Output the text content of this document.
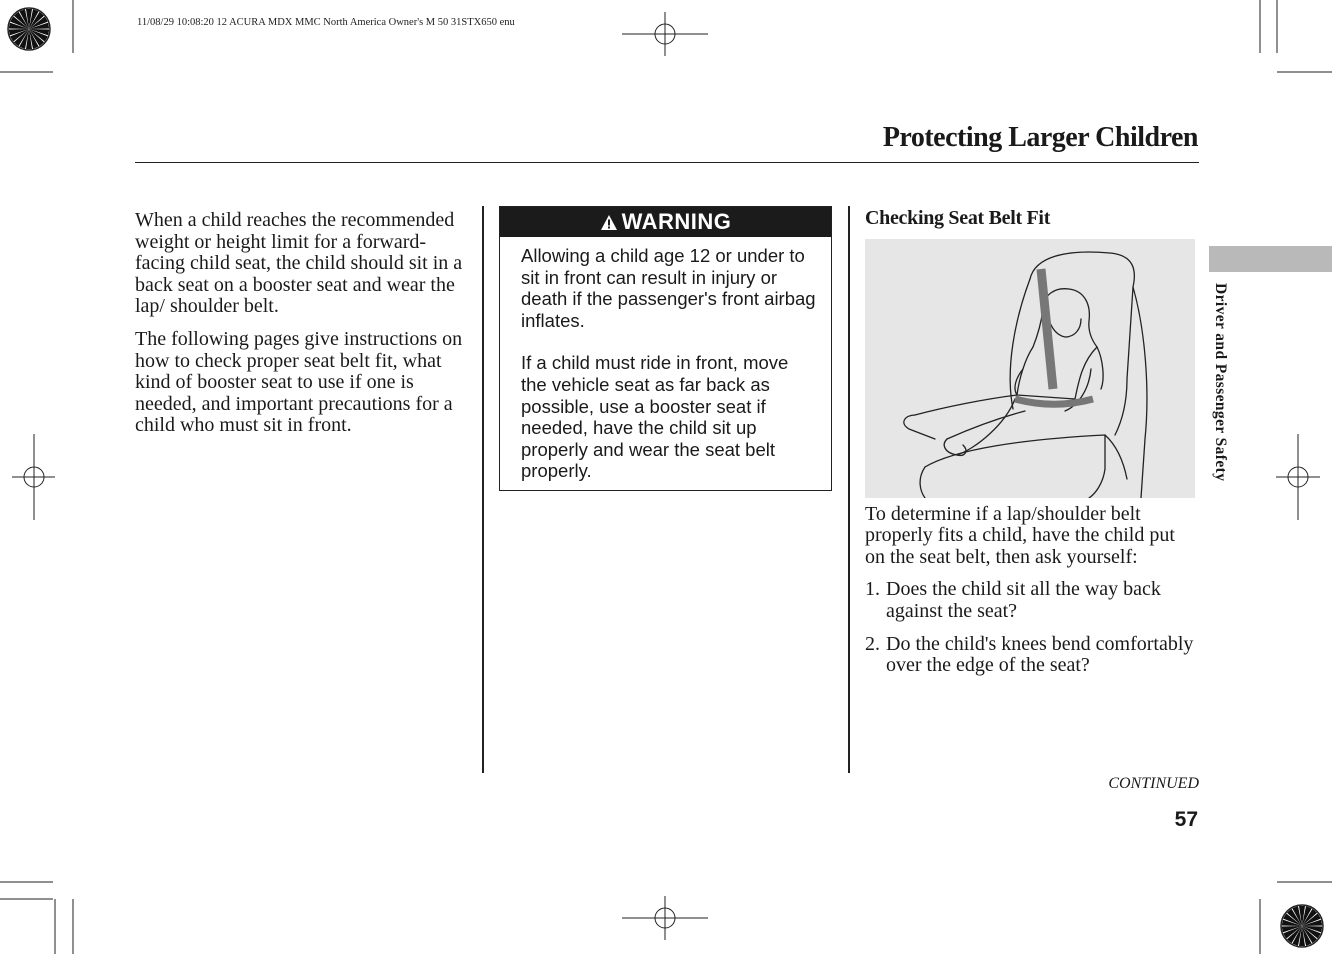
11/08/29 10:08:20 12 ACURA MDX MMC North America Owner's M 50 31STX650 enu
Protecting Larger Children

When a child reaches the recommended weight or height limit for a forward-facing child seat, the child should sit in a back seat on a booster seat and wear the lap/ shoulder belt.

The following pages give instructions on how to check proper seat belt fit, what kind of booster seat to use if one is needed, and important precautions for a child who must sit in front.

WARNING

Allowing a child age 12 or under to sit in front can result in injury or death if the passenger's front airbag inflates.

If a child must ride in front, move the vehicle seat as far back as possible, use a booster seat if needed, have the child sit up properly and wear the seat belt properly.

Checking Seat Belt Fit

To determine if a lap/shoulder belt properly fits a child, have the child put on the seat belt, then ask yourself:

1. Does the child sit all the way back against the seat?
2. Do the child's knees bend comfortably over the edge of the seat?
Driver and Passenger Safety
CONTINUED
57
